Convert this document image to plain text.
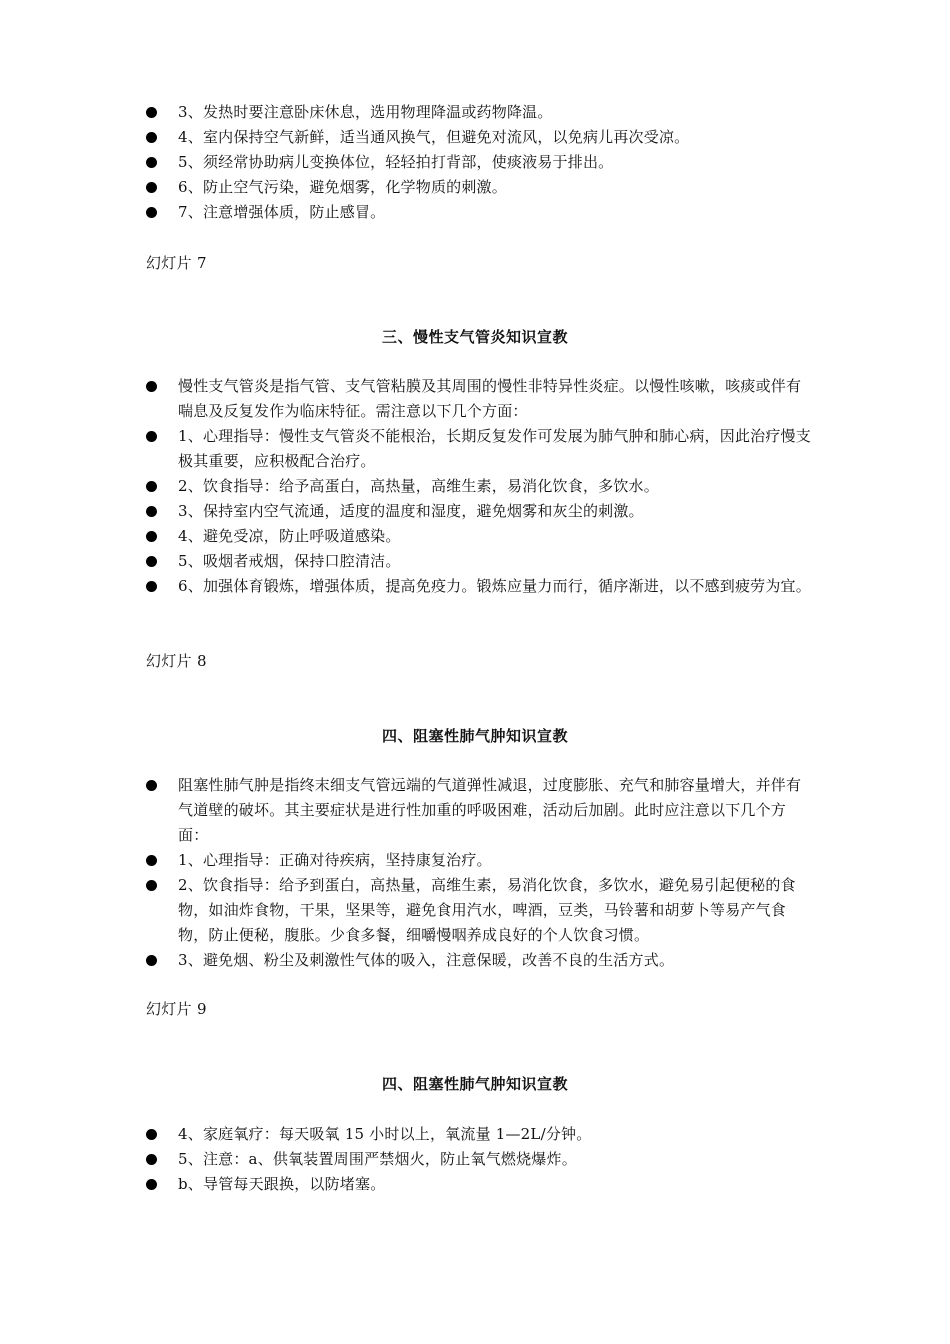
3、发热时要注意卧床休息，选用物理降温或药物降温。
4、室内保持空气新鲜，适当通风换气，但避免对流风，以免病儿再次受凉。
5、须经常协助病儿变换体位，轻轻拍打背部，使痰液易于排出。
6、防止空气污染，避免烟雾，化学物质的刺激。
7、注意增强体质，防止感冒。
幻灯片 7
三、慢性支气管炎知识宣教
慢性支气管炎是指气管、支气管粘膜及其周围的慢性非特异性炎症。以慢性咳嗽，咳痰或伴有喘息及反复发作为临床特征。需注意以下几个方面：
1、心理指导：慢性支气管炎不能根治，长期反复发作可发展为肺气肿和肺心病，因此治疗慢支极其重要，应积极配合治疗。
2、饮食指导：给予高蛋白，高热量，高维生素，易消化饮食，多饮水。
3、保持室内空气流通，适度的温度和湿度，避免烟雾和灰尘的刺激。
4、避免受凉，防止呼吸道感染。
5、吸烟者戒烟，保持口腔清洁。
6、加强体育锻炼，增强体质，提高免疫力。锻炼应量力而行，循序渐进，以不感到疲劳为宜。
幻灯片 8
四、阻塞性肺气肿知识宣教
阻塞性肺气肿是指终末细支气管远端的气道弹性减退，过度膨胀、充气和肺容量增大，并伴有气道壁的破坏。其主要症状是进行性加重的呼吸困难，活动后加剧。此时应注意以下几个方面：
1、心理指导：正确对待疾病，坚持康复治疗。
2、饮食指导：给予到蛋白，高热量，高维生素，易消化饮食，多饮水，避免易引起便秘的食物，如油炸食物，干果，坚果等，避免食用汽水，啤酒，豆类，马铃薯和胡萝卜等易产气食物，防止便秘，腹胀。少食多餐，细嚼慢咽养成良好的个人饮食习惯。
3、避免烟、粉尘及刺激性气体的吸入，注意保暖，改善不良的生活方式。
幻灯片 9
四、阻塞性肺气肿知识宣教
4、家庭氧疗：每天吸氧 15 小时以上，氧流量 1—2L/分钟。
5、注意：a、供氧装置周围严禁烟火，防止氧气燃烧爆炸。
b、导管每天跟换，以防堵塞。
